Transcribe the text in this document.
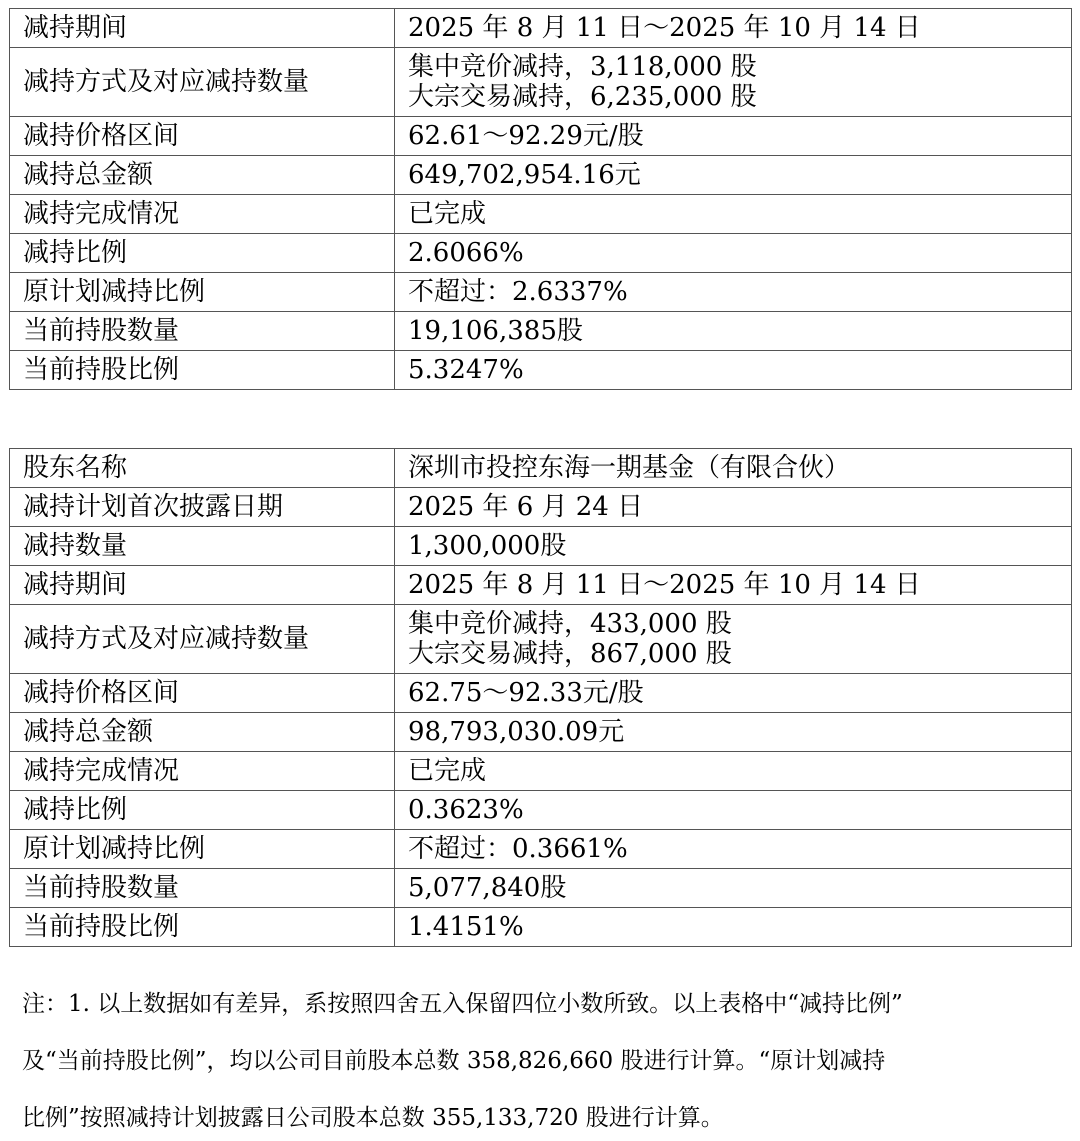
减持期间	2025 年 8 月 11 日～2025 年 10 月 14 日

减持方式及对应减持数量	集中竞价减持，3,118,000 股
大宗交易减持，6,235,000 股

减持价格区间	62.61～92.29元/股

减持总金额	649,702,954.16元

减持完成情况	已完成

减持比例	2.6066%

原计划减持比例	不超过：2.6337%

当前持股数量	19,106,385股

当前持股比例	5.3247%
股东名称	深圳市投控东海一期基金（有限合伙）

减持计划首次披露日期	2025 年 6 月 24 日

减持数量	1,300,000股

减持期间	2025 年 8 月 11 日～2025 年 10 月 14 日

减持方式及对应减持数量	集中竞价减持，433,000 股
大宗交易减持，867,000 股

减持价格区间	62.75～92.33元/股

减持总金额	98,793,030.09元

减持完成情况	已完成

减持比例	0.3623%

原计划减持比例	不超过：0.3661%

当前持股数量	5,077,840股

当前持股比例	1.4151%
注：1. 以上数据如有差异，系按照四舍五入保留四位小数所致。以上表格中“减持比例”
及“当前持股比例”，均以公司目前股本总数 358,826,660 股进行计算。“原计划减持
比例”按照减持计划披露日公司股本总数 355,133,720 股进行计算。
